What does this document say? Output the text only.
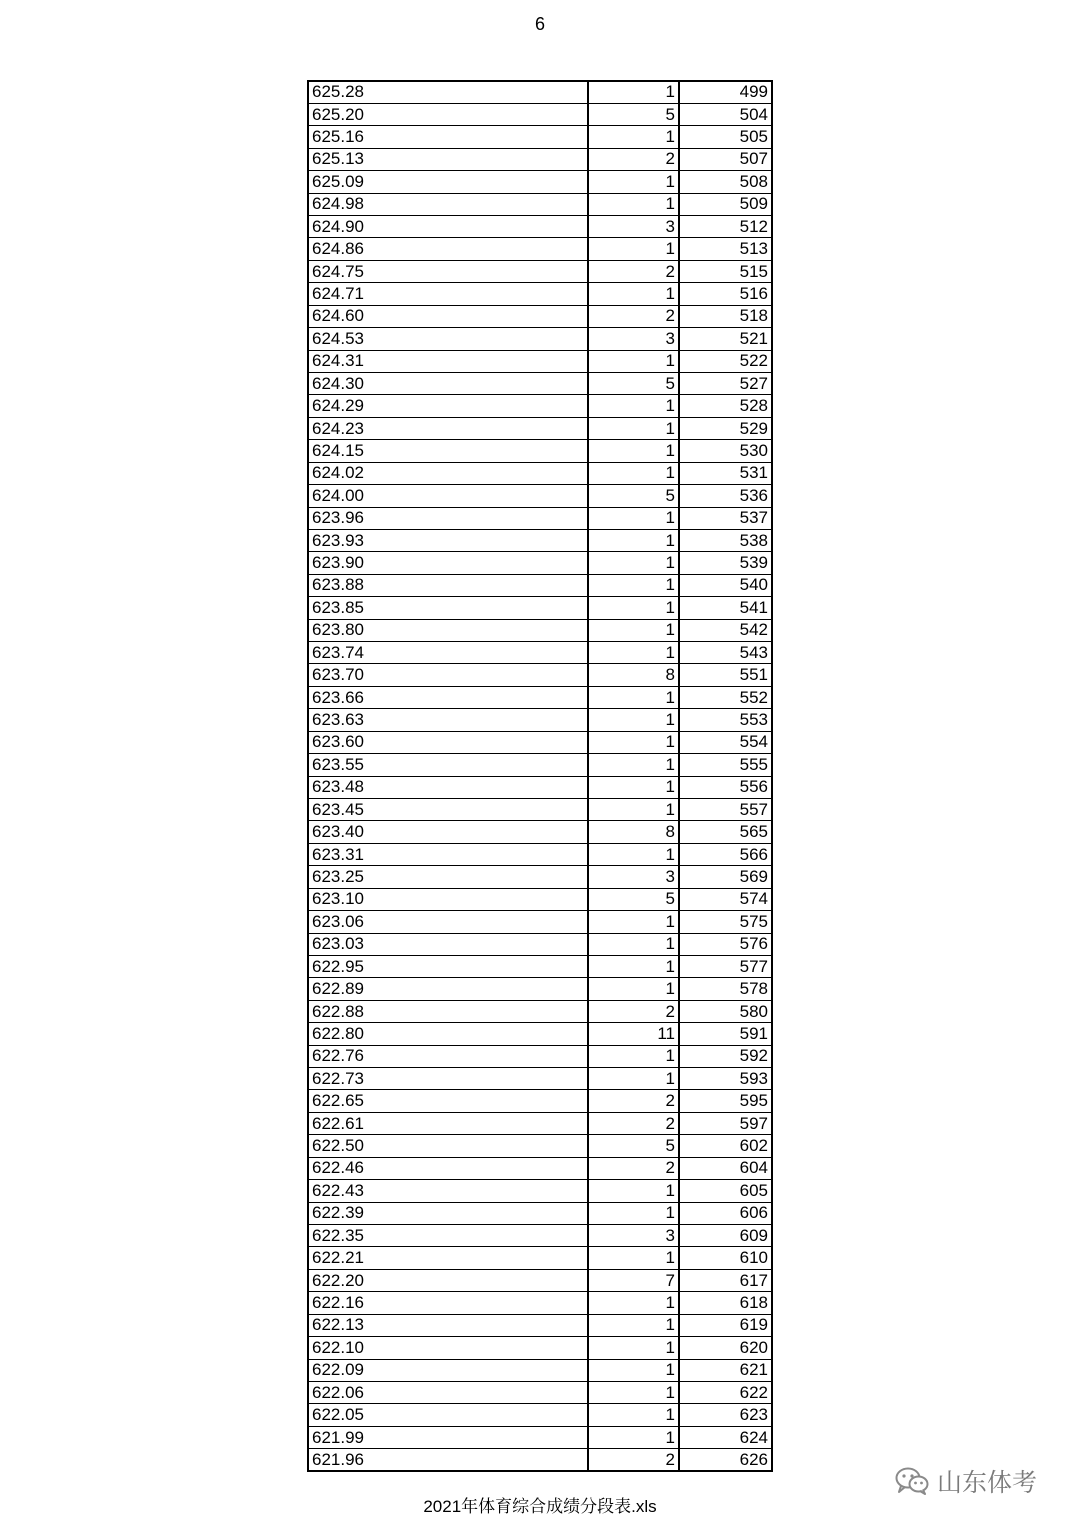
6
625.28	1	499
625.20	5	504
625.16	1	505
625.13	2	507
625.09	1	508
624.98	1	509
624.90	3	512
624.86	1	513
624.75	2	515
624.71	1	516
624.60	2	518
624.53	3	521
624.31	1	522
624.30	5	527
624.29	1	528
624.23	1	529
624.15	1	530
624.02	1	531
624.00	5	536
623.96	1	537
623.93	1	538
623.90	1	539
623.88	1	540
623.85	1	541
623.80	1	542
623.74	1	543
623.70	8	551
623.66	1	552
623.63	1	553
623.60	1	554
623.55	1	555
623.48	1	556
623.45	1	557
623.40	8	565
623.31	1	566
623.25	3	569
623.10	5	574
623.06	1	575
623.03	1	576
622.95	1	577
622.89	1	578
622.88	2	580
622.80	11	591
622.76	1	592
622.73	1	593
622.65	2	595
622.61	2	597
622.50	5	602
622.46	2	604
622.43	1	605
622.39	1	606
622.35	3	609
622.21	1	610
622.20	7	617
622.16	1	618
622.13	1	619
622.10	1	620
622.09	1	621
622.06	1	622
622.05	1	623
621.99	1	624
621.96	2	626
2021年体育综合成绩分段表.xls
山东体考
